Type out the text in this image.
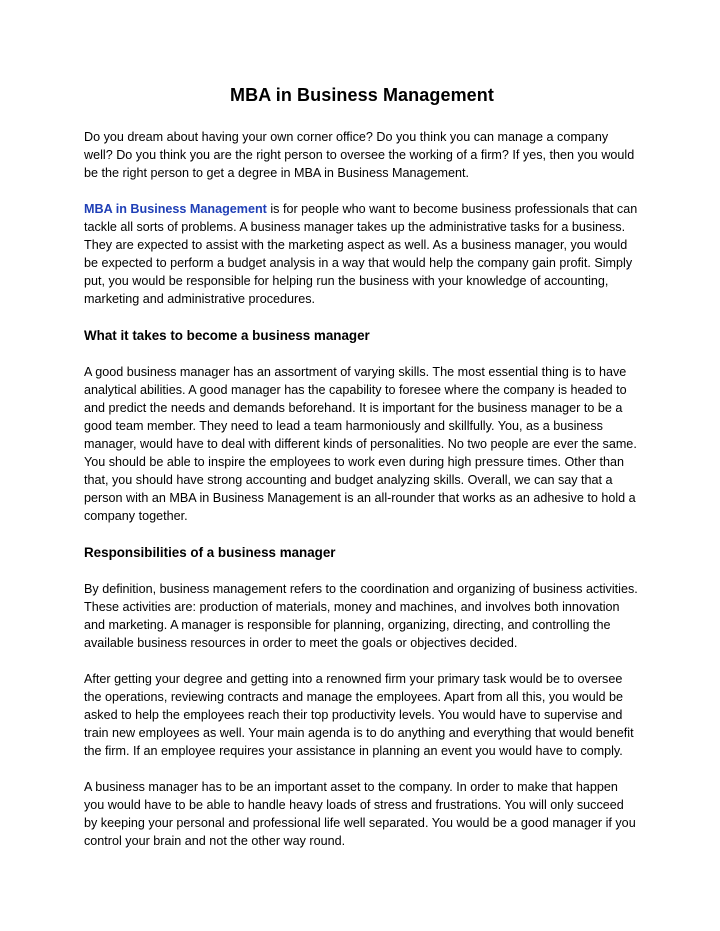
MBA in Business Management

Do you dream about having your own corner office? Do you think you can manage a company well? Do you think you are the right person to oversee the working of a firm? If yes, then you would be the right person to get a degree in MBA in Business Management.

MBA in Business Management is for people who want to become business professionals that can tackle all sorts of problems. A business manager takes up the administrative tasks for a business. They are expected to assist with the marketing aspect as well. As a business manager, you would be expected to perform a budget analysis in a way that would help the company gain profit. Simply put, you would be responsible for helping run the business with your knowledge of accounting, marketing and administrative procedures.

What it takes to become a business manager

A good business manager has an assortment of varying skills. The most essential thing is to have analytical abilities. A good manager has the capability to foresee where the company is headed to and predict the needs and demands beforehand. It is important for the business manager to be a good team member. They need to lead a team harmoniously and skillfully. You, as a business manager, would have to deal with different kinds of personalities. No two people are ever the same. You should be able to inspire the employees to work even during high pressure times. Other than that, you should have strong accounting and budget analyzing skills. Overall, we can say that a person with an MBA in Business Management is an all-rounder that works as an adhesive to hold a company together.

Responsibilities of a business manager

By definition, business management refers to the coordination and organizing of business activities. These activities are: production of materials, money and machines, and involves both innovation and marketing. A manager is responsible for planning, organizing, directing, and controlling the available business resources in order to meet the goals or objectives decided.

After getting your degree and getting into a renowned firm your primary task would be to oversee the operations, reviewing contracts and manage the employees. Apart from all this, you would be asked to help the employees reach their top productivity levels. You would have to supervise and train new employees as well. Your main agenda is to do anything and everything that would benefit the firm. If an employee requires your assistance in planning an event you would have to comply.

A business manager has to be an important asset to the company. In order to make that happen you would have to be able to handle heavy loads of stress and frustrations. You will only succeed by keeping your personal and professional life well separated. You would be a good manager if you control your brain and not the other way round.
